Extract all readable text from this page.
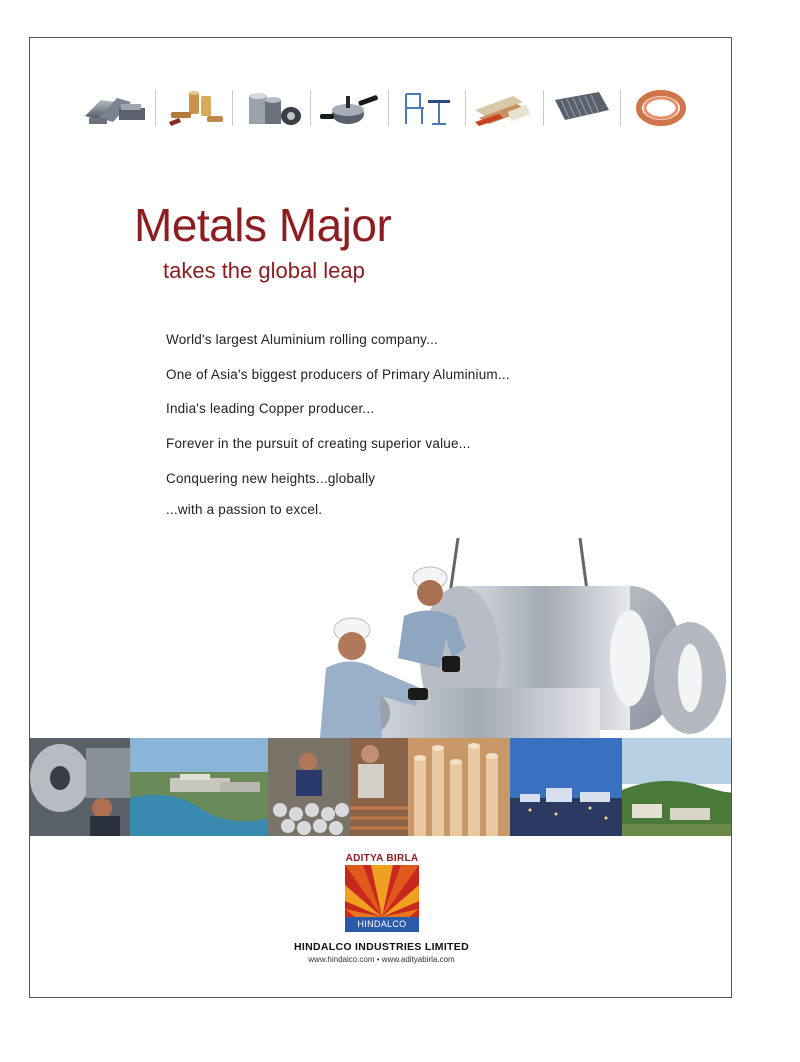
Metals Major
takes the global leap
World's largest Aluminium rolling company...
One of Asia's biggest producers of Primary Aluminium...
India's leading Copper producer...
Forever in the pursuit of creating superior value...
Conquering new heights...globally
...with a passion to excel.
ADITYA BIRLA
HINDALCO
HINDALCO INDUSTRIES LIMITED
www.hindalco.com • www.adityabirla.com
